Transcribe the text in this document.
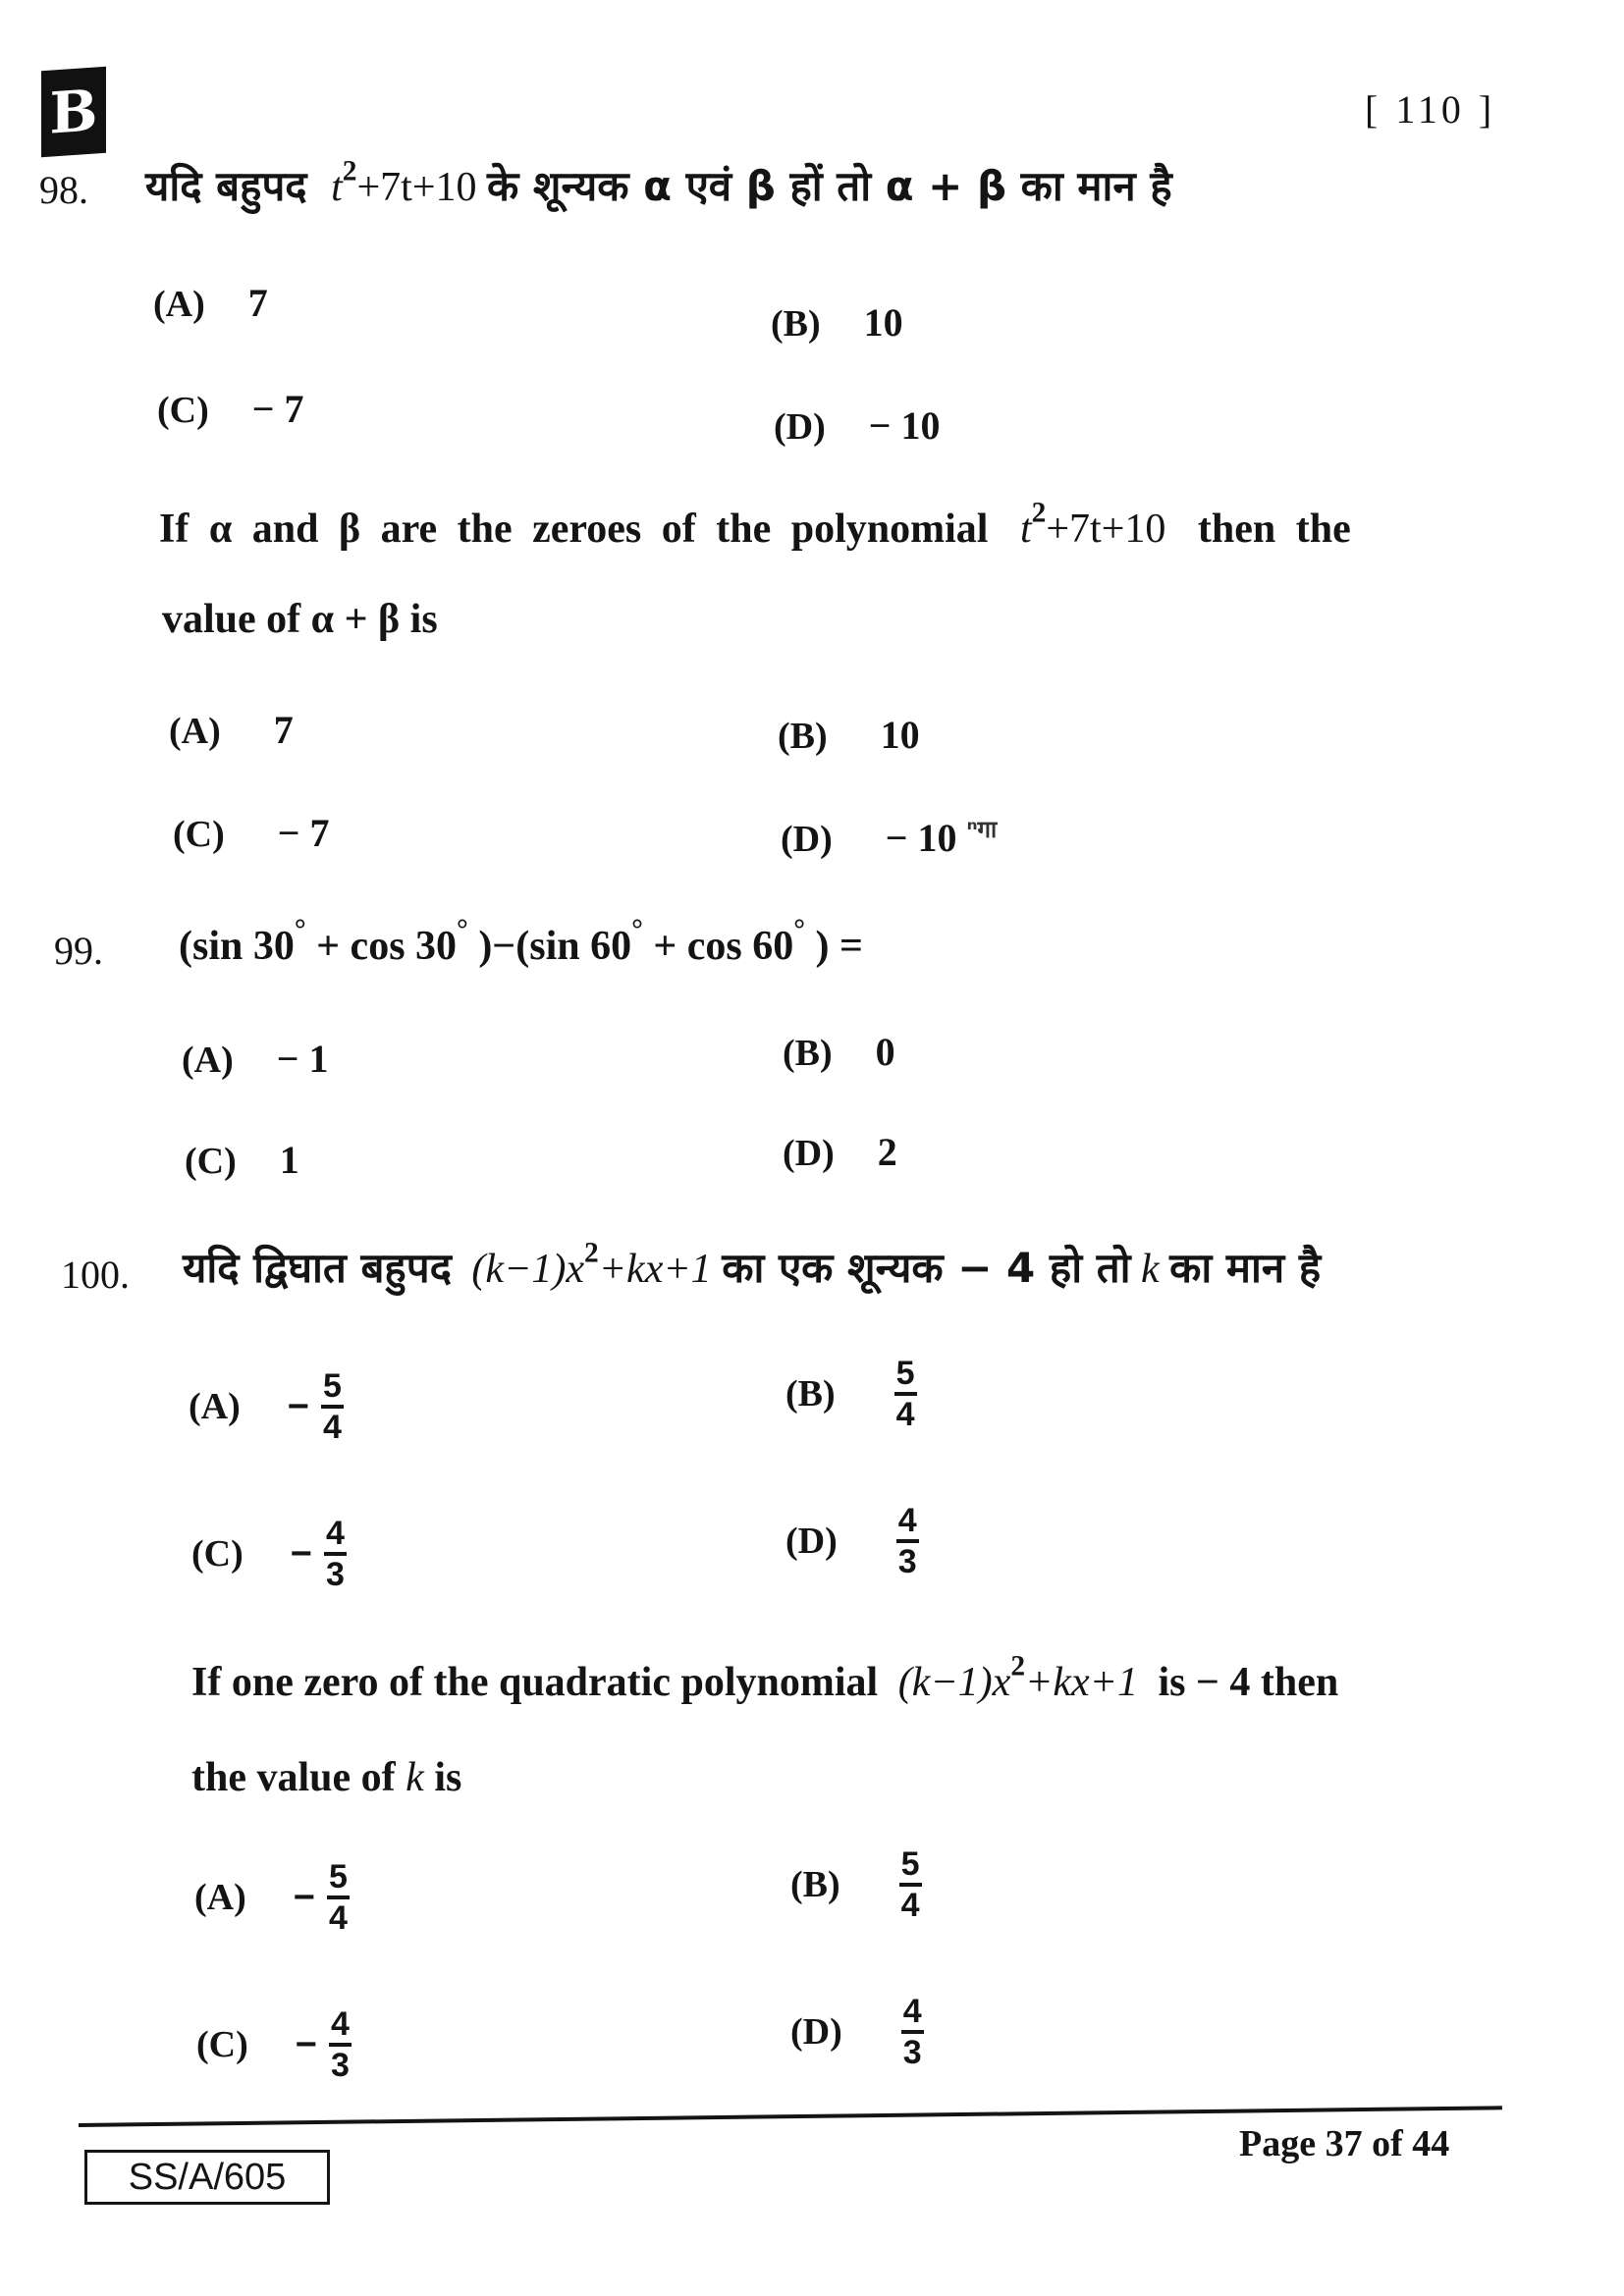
B	[ 110 ]
98. यदि बहुपद $t^2+7t+10$ के शून्यक α एवं β हों तो α + β का मान है
(A) 7	(B) 10
(C) − 7	(D) − 10
If α and β are the zeroes of the polynomial $t^2+7t+10$ then the
value of α + β is
(A) 7	(B) 10
(C) − 7	(D) − 10 ⁿगा
99. (sin 30° + cos 30° )−(sin 60° + cos 60° ) =
(A) − 1	(B) 0
(C) 1	(D) 2
100. यदि द्विघात बहुपद $(k-1)x^2+kx+1$ का एक शून्यक − 4 हो तो k का मान है
$(A) - \frac{5}{4}$	$(B) \frac{5}{4}$
$(C) - \frac{4}{3}$	$(D) \frac{4}{3}$
If one zero of the quadratic polynomial $(k-1)x^2+kx+1$ is − 4 then
the value of k is
$(A) - \frac{5}{4}$	$(B) \frac{5}{4}$
$(C) - \frac{4}{3}$	$(D) \frac{4}{3}$
SS/A/605
Page 37 of 44
